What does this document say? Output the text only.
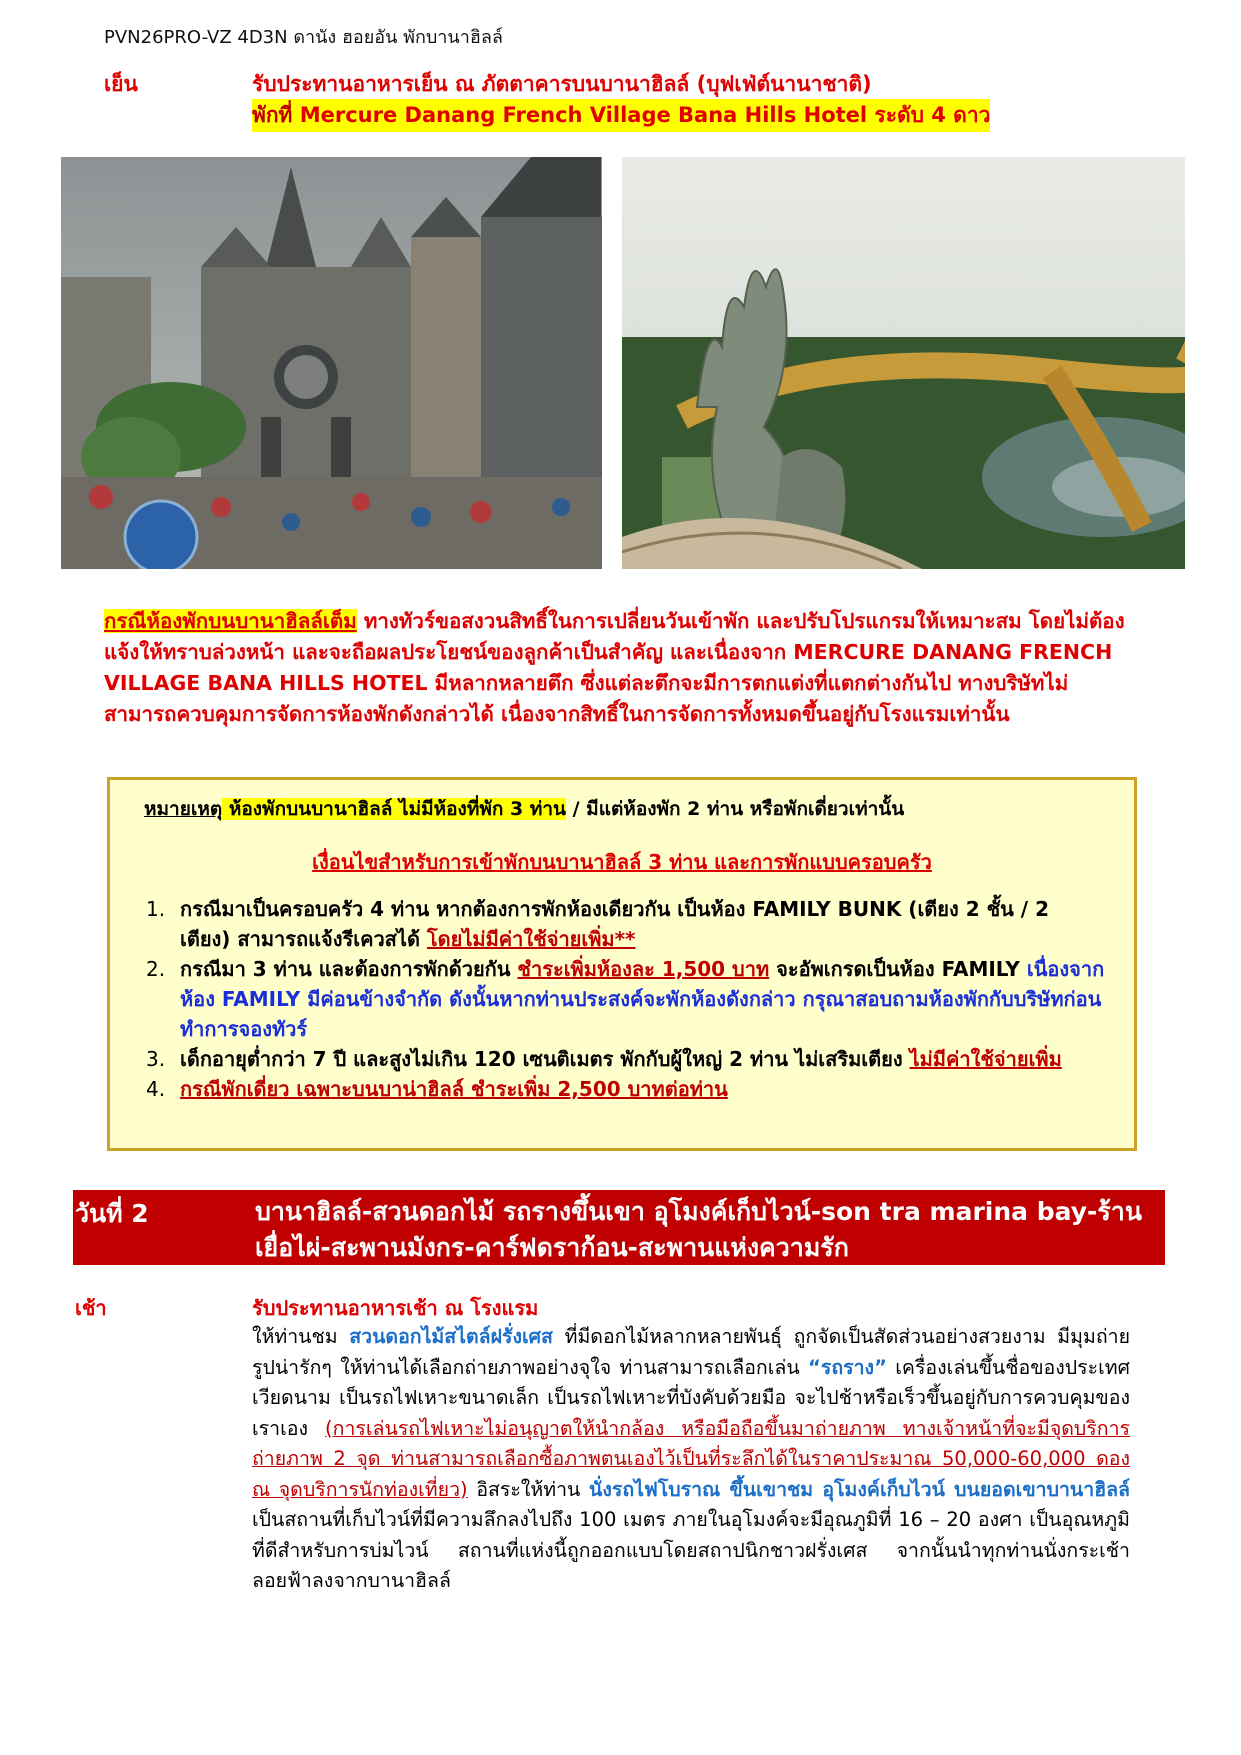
PVN26PRO-VZ 4D3N ดานัง ฮอยอัน พักบานาฮิลล์
เย็น	รับประทานอาหารเย็น ณ ภัตตาคารบนบานาฮิลล์ (บุฟเฟ่ต์นานาชาติ)
พักที่ Mercure Danang French Village Bana Hills Hotel ระดับ 4 ดาว
กรณีห้องพักบนบานาฮิลล์เต็ม ทางทัวร์ขอสงวนสิทธิ์ในการเปลี่ยนวันเข้าพัก และปรับโปรแกรมให้เหมาะสม โดยไม่ต้องแจ้งให้ทราบล่วงหน้า และจะถือผลประโยชน์ของลูกค้าเป็นสำคัญ และเนื่องจาก MERCURE DANANG FRENCH VILLAGE BANA HILLS HOTEL มีหลากหลายตึก ซึ่งแต่ละตึกจะมีการตกแต่งที่แตกต่างกันไป ทางบริษัทไม่สามารถควบคุมการจัดการห้องพักดังกล่าวได้ เนื่องจากสิทธิ์ในการจัดการทั้งหมดขึ้นอยู่กับโรงแรมเท่านั้น
หมายเหตุ ห้องพักบนบานาฮิลล์ ไม่มีห้องที่พัก 3 ท่าน / มีแต่ห้องพัก 2 ท่าน หรือพักเดี่ยวเท่านั้น
เงื่อนไขสำหรับการเข้าพักบนบานาฮิลล์ 3 ท่าน และการพักแบบครอบครัว
1. กรณีมาเป็นครอบครัว 4 ท่าน หากต้องการพักห้องเดียวกัน เป็นห้อง FAMILY BUNK (เตียง 2 ชั้น / 2 เตียง) สามารถแจ้งรีเควสได้ โดยไม่มีค่าใช้จ่ายเพิ่ม**
2. กรณีมา 3 ท่าน และต้องการพักด้วยกัน ชำระเพิ่มห้องละ 1,500 บาท จะอัพเกรดเป็นห้อง FAMILY เนื่องจากห้อง FAMILY มีค่อนข้างจำกัด ดังนั้นหากท่านประสงค์จะพักห้องดังกล่าว กรุณาสอบถามห้องพักกับบริษัทก่อนทำการจองทัวร์
3. เด็กอายุต่ำกว่า 7 ปี และสูงไม่เกิน 120 เซนติเมตร พักกับผู้ใหญ่ 2 ท่าน ไม่เสริมเตียง ไม่มีค่าใช้จ่ายเพิ่ม
4. กรณีพักเดี่ยว เฉพาะบนบาน่าฮิลล์ ชำระเพิ่ม 2,500 บาทต่อท่าน
วันที่ 2	บานาฮิลล์-สวนดอกไม้ รถรางขึ้นเขา อุโมงค์เก็บไวน์-son tra marina bay-ร้านเยื่อไผ่-สะพานมังกร-คาร์ฟดราก้อน-สะพานแห่งความรัก
เช้า	รับประทานอาหารเช้า ณ โรงแรม
ให้ท่านชม สวนดอกไม้สไตล์ฝรั่งเศส ที่มีดอกไม้หลากหลายพันธุ์ ถูกจัดเป็นสัดส่วนอย่างสวยงาม มีมุมถ่ายรูปน่ารักๆ ให้ท่านได้เลือกถ่ายภาพอย่างจุใจ ท่านสามารถเลือกเล่น “รถราง” เครื่องเล่นขึ้นชื่อของประเทศเวียดนาม เป็นรถไฟเหาะขนาดเล็ก เป็นรถไฟเหาะที่บังคับด้วยมือ จะไปช้าหรือเร็วขึ้นอยู่กับการควบคุมของเราเอง (การเล่นรถไฟเหาะไม่อนุญาตให้นำกล้อง หรือมือถือขึ้นมาถ่ายภาพ ทางเจ้าหน้าที่จะมีจุดบริการถ่ายภาพ 2 จุด ท่านสามารถเลือกซื้อภาพตนเองไว้เป็นที่ระลึกได้ในราคาประมาณ 50,000-60,000 ดอง ณ จุดบริการนักท่องเที่ยว) อิสระให้ท่าน นั่งรถไฟโบราณ ขึ้นเขาชม อุโมงค์เก็บไวน์ บนยอดเขาบานาฮิลล์ เป็นสถานที่เก็บไวน์ที่มีความลึกลงไปถึง 100 เมตร ภายในอุโมงค์จะมีอุณภูมิที่ 16 – 20 องศา เป็นอุณหภูมิที่ดีสำหรับการบ่มไวน์ สถานที่แห่งนี้ถูกออกแบบโดยสถาปนิกชาวฝรั่งเศส จากนั้นนำทุกท่านนั่งกระเช้าลอยฟ้าลงจากบานาฮิลล์
